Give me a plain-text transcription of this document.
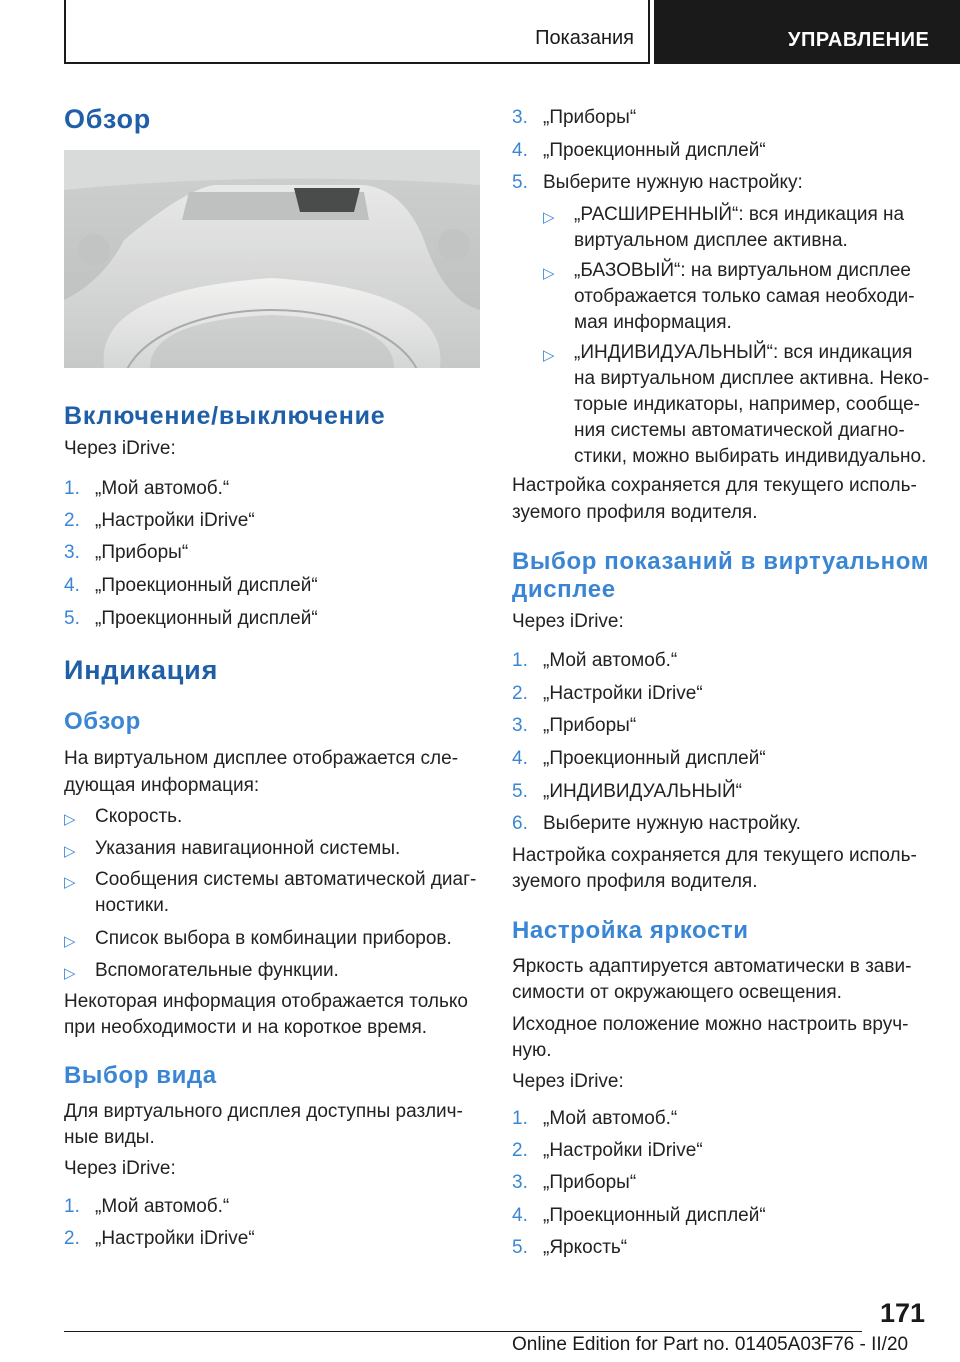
Показания	УПРАВЛЕНИЕ
Обзор
Включение/выключение
Через iDrive:
1. „Мой автомоб.“
2. „Настройки iDrive“
3. „Приборы“
4. „Проекционный дисплей“
5. „Проекционный дисплей“
Индикация
Обзор
На виртуальном дисплее отображается сле-
дующая информация:
▷ Скорость.
▷ Указания навигационной системы.
▷ Сообщения системы автоматической диаг-
ностики.
▷ Список выбора в комбинации приборов.
▷ Вспомогательные функции.
Некоторая информация отображается только
при необходимости и на короткое время.
Выбор вида
Для виртуального дисплея доступны различ-
ные виды.
Через iDrive:
1. „Мой автомоб.“
2. „Настройки iDrive“
3. „Приборы“
4. „Проекционный дисплей“
5. Выберите нужную настройку:
▷ „РАСШИРЕННЫЙ“: вся индикация на
виртуальном дисплее активна.
▷ „БАЗОВЫЙ“: на виртуальном дисплее
отображается только самая необходи-
мая информация.
▷ „ИНДИВИДУАЛЬНЫЙ“: вся индикация
на виртуальном дисплее активна. Неко-
торые индикаторы, например, сообще-
ния системы автоматической диагно-
стики, можно выбирать индивидуально.
Настройка сохраняется для текущего исполь-
зуемого профиля водителя.
Выбор показаний в виртуальном
дисплее
Через iDrive:
1. „Мой автомоб.“
2. „Настройки iDrive“
3. „Приборы“
4. „Проекционный дисплей“
5. „ИНДИВИДУАЛЬНЫЙ“
6. Выберите нужную настройку.
Настройка сохраняется для текущего исполь-
зуемого профиля водителя.
Настройка яркости
Яркость адаптируется автоматически в зави-
симости от окружающего освещения.
Исходное положение можно настроить вруч-
ную.
Через iDrive:
1. „Мой автомоб.“
2. „Настройки iDrive“
3. „Приборы“
4. „Проекционный дисплей“
5. „Яркость“
171
Online Edition for Part no. 01405A03F76 - II/20
